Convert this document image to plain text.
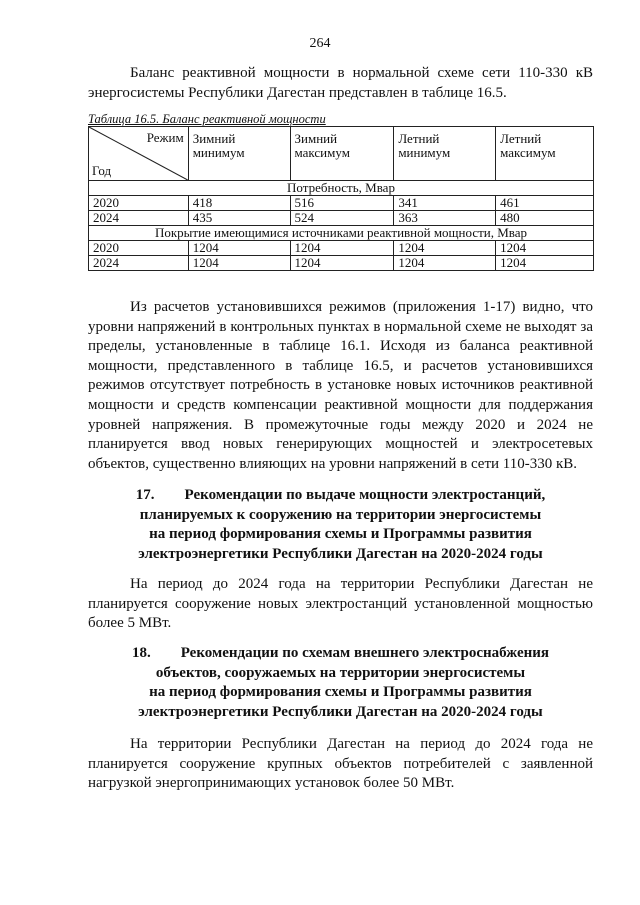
264

Баланс реактивной мощности в нормальной схеме сети 110-330 кВ энергосистемы Республики Дагестан представлен в таблице 16.5.

Таблица 16.5. Баланс реактивной мощности
Режим
Год	Зимний минимум	Зимний максимум	Летний минимум	Летний максимум
Потребность, Мвар				
2020	418	516	341	461
2024	435	524	363	480
Покрытие имеющимися источниками реактивной мощности, Мвар				
2020	1204	1204	1204	1204
2024	1204	1204	1204	1204

Из расчетов установившихся режимов (приложения 1-17) видно, что уровни напряжений в контрольных пунктах в нормальной схеме не выходят за пределы, установленные в таблице 16.1. Исходя из баланса реактивной мощности, представленного в таблице 16.5, и расчетов установившихся режимов отсутствует потребность в установке новых источников реактивной мощности и средств компенсации реактивной мощности для поддержания уровней напряжения. В промежуточные годы между 2020 и 2024 не планируется ввод новых генерирующих мощностей и электросетевых объектов, существенно влияющих на уровни напряжений в сети 110-330 кВ.

17. Рекомендации по выдаче мощности электростанций,
планируемых к сооружению на территории энергосистемы
на период формирования схемы и Программы развития
электроэнергетики Республики Дагестан на 2020-2024 годы

На период до 2024 года на территории Республики Дагестан не планируется сооружение новых электростанций установленной мощностью более 5 МВт.

18. Рекомендации по схемам внешнего электроснабжения
объектов, сооружаемых на территории энергосистемы
на период формирования схемы и Программы развития
электроэнергетики Республики Дагестан на 2020-2024 годы

На территории Республики Дагестан на период до 2024 года не планируется сооружение крупных объектов потребителей с заявленной нагрузкой энергопринимающих установок более 50 МВт.
